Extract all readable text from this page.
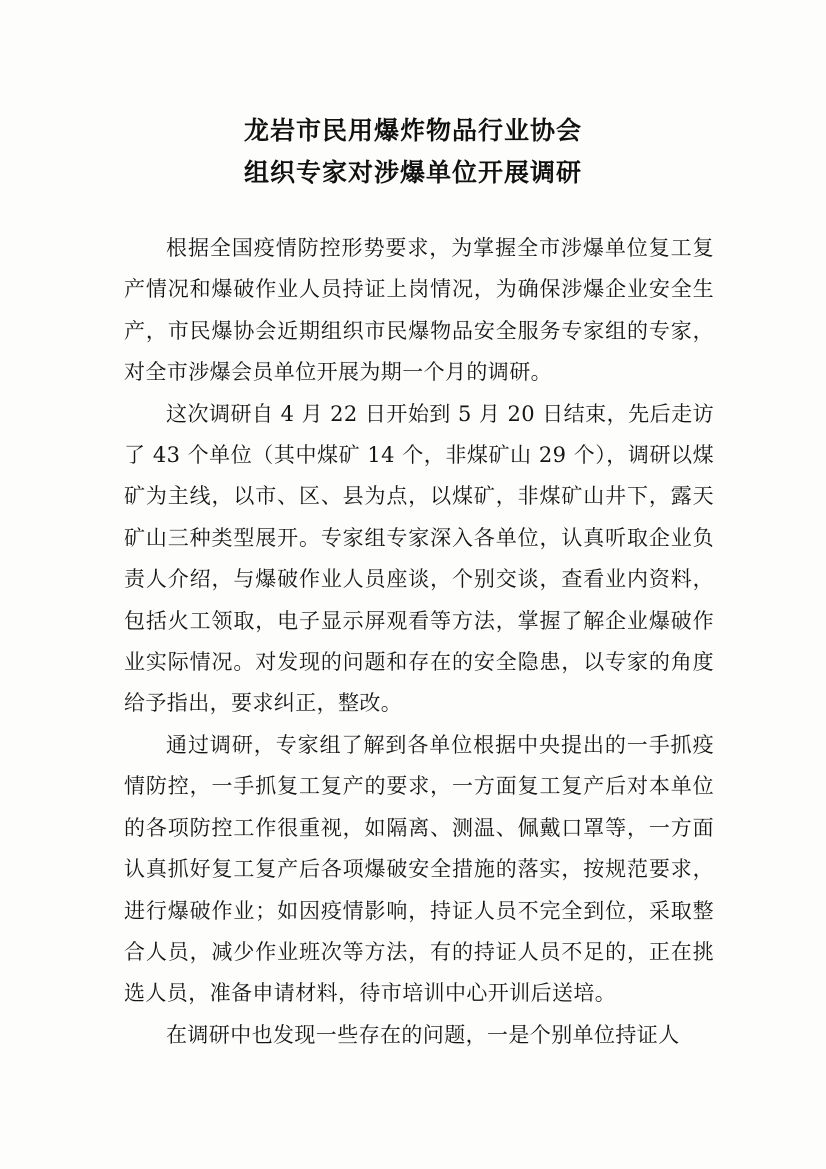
龙岩市民用爆炸物品行业协会
组织专家对涉爆单位开展调研

根据全国疫情防控形势要求，为掌握全市涉爆单位复工复产情况和爆破作业人员持证上岗情况，为确保涉爆企业安全生产，市民爆协会近期组织市民爆物品安全服务专家组的专家，对全市涉爆会员单位开展为期一个月的调研。

这次调研自 4 月 22 日开始到 5 月 20 日结束，先后走访了 43 个单位（其中煤矿 14 个，非煤矿山 29 个），调研以煤矿为主线，以市、区、县为点，以煤矿，非煤矿山井下，露天矿山三种类型展开。专家组专家深入各单位，认真听取企业负责人介绍，与爆破作业人员座谈，个别交谈，查看业内资料，包括火工领取，电子显示屏观看等方法，掌握了解企业爆破作业实际情况。对发现的问题和存在的安全隐患，以专家的角度给予指出，要求纠正，整改。

通过调研，专家组了解到各单位根据中央提出的一手抓疫情防控，一手抓复工复产的要求，一方面复工复产后对本单位的各项防控工作很重视，如隔离、测温、佩戴口罩等，一方面认真抓好复工复产后各项爆破安全措施的落实，按规范要求，进行爆破作业；如因疫情影响，持证人员不完全到位，采取整合人员，减少作业班次等方法，有的持证人员不足的，正在挑选人员，准备申请材料，待市培训中心开训后送培。

在调研中也发现一些存在的问题，一是个别单位持证人
